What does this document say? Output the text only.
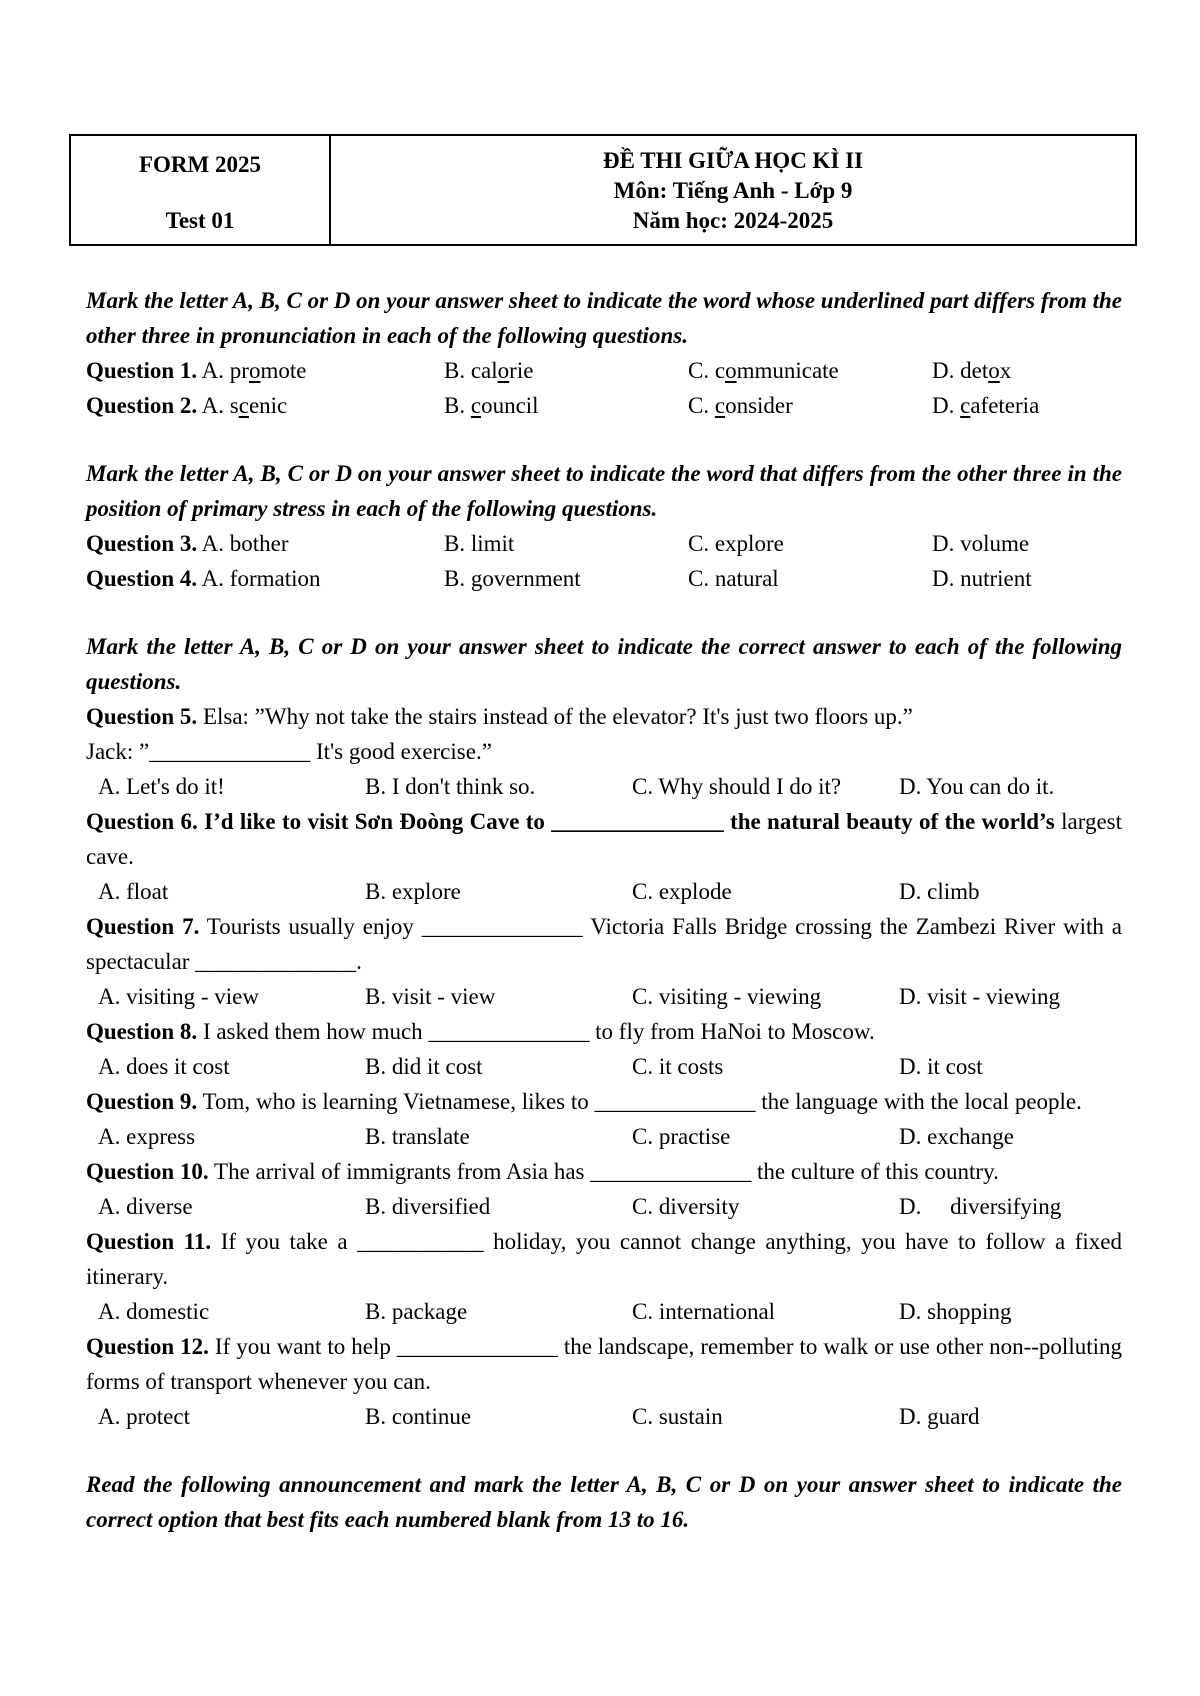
FORM 2025
Test 01
ĐỀ THI GIỮA HỌC KÌ II
Môn: Tiếng Anh - Lớp 9
Năm học: 2024-2025
Mark the letter A, B, C or D on your answer sheet to indicate the word whose underlined part differs from the other three in pronunciation in each of the following questions.
Question 1. A. promote	B. calorie	C. communicate	D. detox
Question 2. A. scenic	B. council	C. consider	D. cafeteria
Mark the letter A, B, C or D on your answer sheet to indicate the word that differs from the other three in the position of primary stress in each of the following questions.
Question 3. A. bother	B. limit	C. explore	D. volume
Question 4. A. formation	B. government	C. natural	D. nutrient
Mark the letter A, B, C or D on your answer sheet to indicate the correct answer to each of the following questions.
Question 5. Elsa: ”Why not take the stairs instead of the elevator? It's just two floors up.”
Jack: ”______________ It's good exercise.”
A. Let's do it!	B. I don't think so.	C. Why should I do it?	D. You can do it.
Question 6. I’d like to visit Sơn Đoòng Cave to _______________ the natural beauty of the world’s largest cave.
A. float	B. explore	C. explode	D. climb
Question 7. Tourists usually enjoy ______________ Victoria Falls Bridge crossing the Zambezi River with a spectacular ______________.
A. visiting - view	B. visit - view	C. visiting - viewing	D. visit - viewing
Question 8. I asked them how much ______________ to fly from HaNoi to Moscow.
A. does it cost	B. did it cost	C. it costs	D. it cost
Question 9. Tom, who is learning Vietnamese, likes to ______________ the language with the local people.
A. express	B. translate	C. practise	D. exchange
Question 10. The arrival of immigrants from Asia has ______________ the culture of this country.
A. diverse	B. diversified	C. diversity	D.     diversifying
Question 11. If you take a ___________ holiday, you cannot change anything, you have to follow a fixed itinerary.
A. domestic	B. package	C. international	D. shopping
Question 12. If you want to help ______________ the landscape, remember to walk or use other non--polluting forms of transport whenever you can.
A. protect	B. continue	C. sustain	D. guard
Read the following announcement and mark the letter A, B, C or D on your answer sheet to indicate the correct option that best fits each numbered blank from 13 to 16.
